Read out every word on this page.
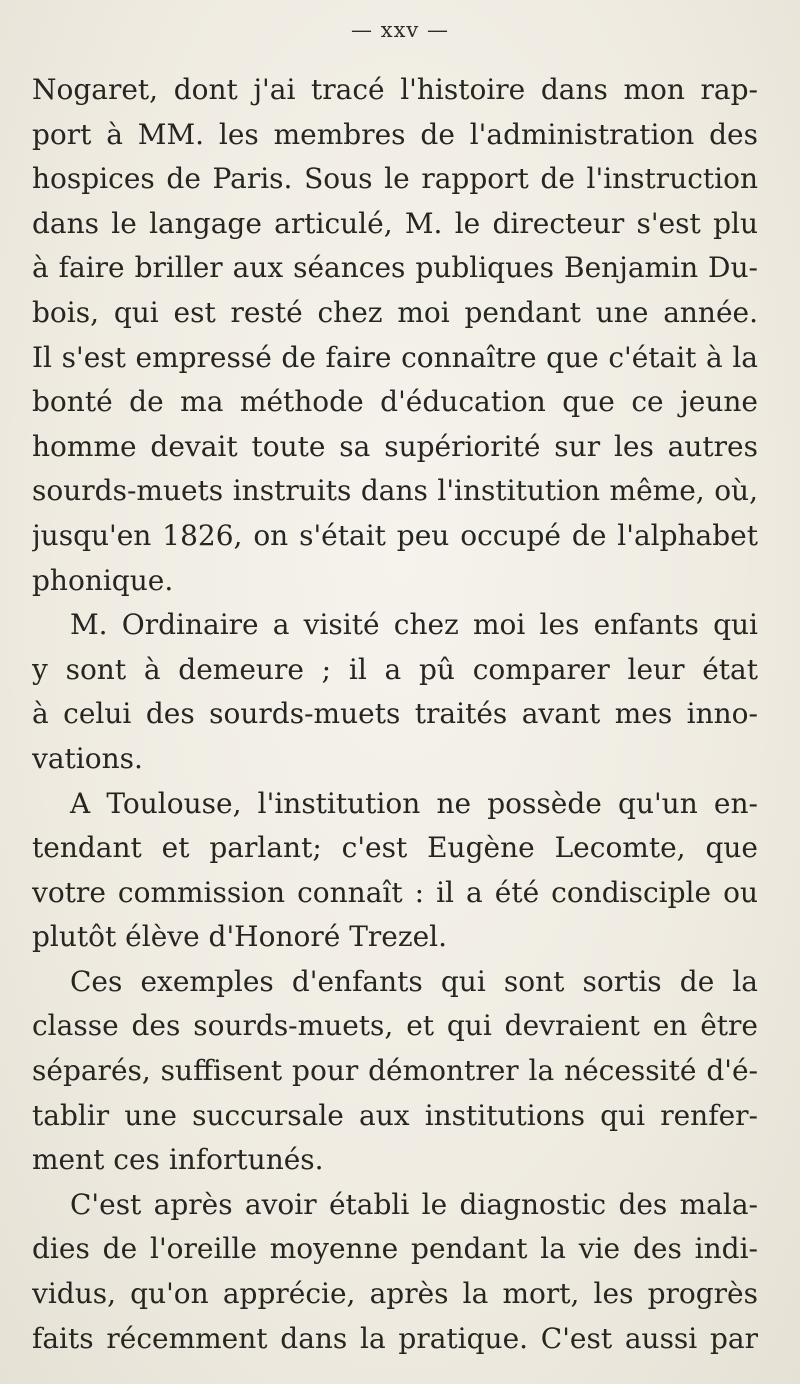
— xxv —
Nogaret, dont j'ai tracé l'histoire dans mon rap-
port à MM. les membres de l'administration des
hospices de Paris. Sous le rapport de l'instruction
dans le langage articulé, M. le directeur s'est plu
à faire briller aux séances publiques Benjamin Du-
bois, qui est resté chez moi pendant une année.
Il s'est empressé de faire connaître que c'était à la
bonté de ma méthode d'éducation que ce jeune
homme devait toute sa supériorité sur les autres
sourds-muets instruits dans l'institution même, où,
jusqu'en 1826, on s'était peu occupé de l'alphabet
phonique.
M. Ordinaire a visité chez moi les enfants qui
y sont à demeure ; il a pû comparer leur état
à celui des sourds-muets traités avant mes inno-
vations.
A Toulouse, l'institution ne possède qu'un en-
tendant et parlant; c'est Eugène Lecomte, que
votre commission connaît : il a été condisciple ou
plutôt élève d'Honoré Trezel.
Ces exemples d'enfants qui sont sortis de la
classe des sourds-muets, et qui devraient en être
séparés, suffisent pour démontrer la nécessité d'é-
tablir une succursale aux institutions qui renfer-
ment ces infortunés.
C'est après avoir établi le diagnostic des mala-
dies de l'oreille moyenne pendant la vie des indi-
vidus, qu'on apprécie, après la mort, les progrès
faits récemment dans la pratique. C'est aussi par
